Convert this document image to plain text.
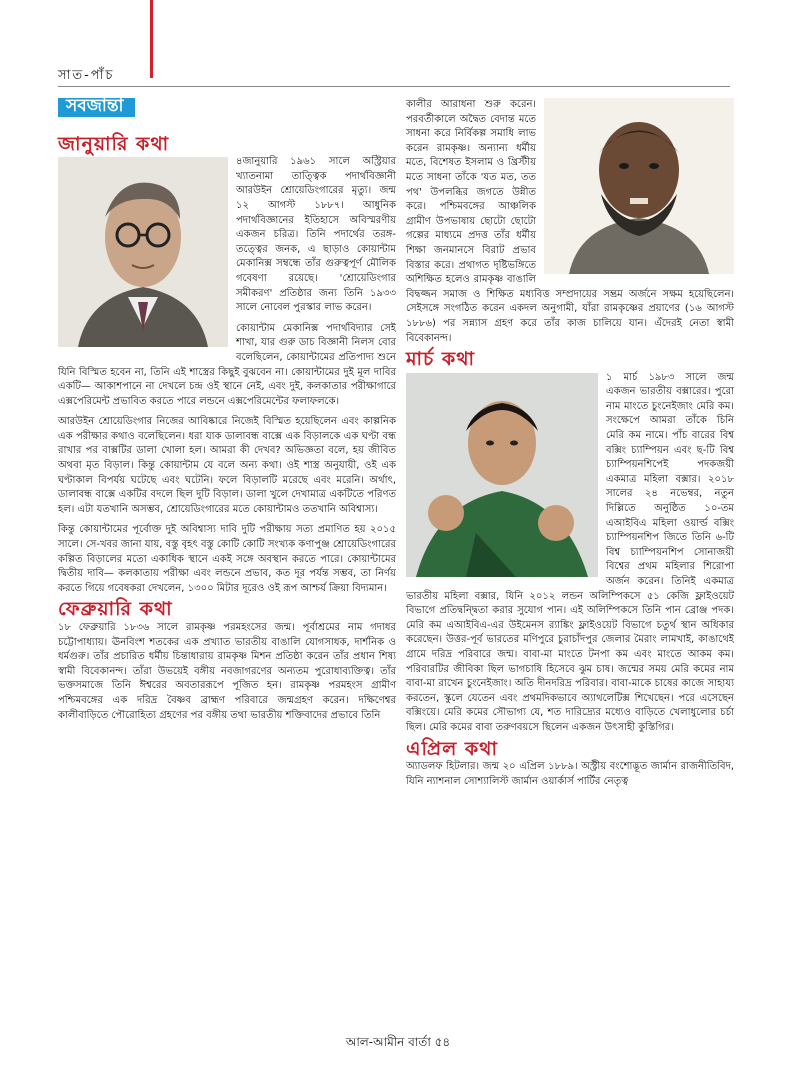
সাত-পাঁচ
সবজান্তা
জানুয়ারি কথা

৪জানুয়ারি ১৯৬১ সালে অস্ট্রিয়ার খ্যাতনামা তাত্ত্বিক পদার্থবিজ্ঞানী আরউইন শ্রোয়েডিংগারের মৃত্যু। জন্ম ১২ আগস্ট ১৮৮৭। আধুনিক পদার্থবিজ্ঞানের ইতিহাসে অবিস্মরণীয় একজন চরিত্র। তিনি পদার্থের তরঙ্গ-তত্ত্বের জনক, এ ছাড়াও কোয়ান্টাম মেকানিক্স সম্বন্ধে তাঁর গুরুত্বপূর্ণ মৌলিক গবেষণা রয়েছে। 'শ্রোয়েডিংগার সমীকরণ' প্রতিষ্ঠার জন্য তিনি ১৯৩৩ সালে নোবেল পুরস্কার লাভ করেন।

কোয়ান্টাম মেকানিক্স পদার্থবিদ্যার সেই শাখা, যার গুরু ডাচ বিজ্ঞানী নিলস বোর বলেছিলেন, কোয়ান্টামের প্রতিপাদ্য শুনে যিনি বিস্মিত হবেন না, তিনি এই শাস্ত্রের কিছুই বুঝবেন না। কোয়ান্টামের দুই মূল দাবির একটি— আকাশপানে না দেখলে চন্দ্র ওই স্থানে নেই, এবং দুই, কলকাতার পরীক্ষাগারে এক্সপেরিমেন্ট প্রভাবিত করতে পারে লন্ডনে এক্সপেরিমেন্টের ফলাফলকে।

আরউইন শ্রোয়েডিংগার নিজের আবিষ্কারে নিজেই বিস্মিত হয়েছিলেন এবং কাল্পনিক এক পরীক্ষার কথাও বলেছিলেন। ধরা যাক ডালাবন্ধ বাক্সে এক বিড়ালকে এক ঘণ্টা বন্ধ রাখার পর বাক্সটির ডালা খোলা হল। আমরা কী দেখব? অভিজ্ঞতা বলে, হয় জীবিত অথবা মৃত বিড়াল। কিন্তু কোয়ান্টাম যে বলে অন্য কথা। ওই শাস্ত্র অনুযায়ী, ওই এক ঘণ্টাকাল বিপর্যয় ঘটেছে এবং ঘটেনি। ফলে বিড়ালটি মরেছে এবং মরেনি। অর্থাৎ, ডালাবন্ধ বাক্সে একটির বদলে ছিল দুটি বিড়াল। ডালা খুলে দেখামাত্র একটিতে পরিণত হল। এটা যতখানি অসম্ভব, শ্রোয়েডিংগারের মতে কোয়ান্টামও ততখানি অবিশ্বাস্য।

কিন্তু কোয়ান্টামের পূর্বোক্ত দুই অবিশ্বাস্য দাবি দুটি পরীক্ষায় সত্য প্রমাণিত হয় ২০১৫ সালে। সে-খবর জানা যায়, বস্তু বৃহৎ বস্তু কোটি কোটি সংখ্যক কণাপুঞ্জ শ্রোয়েডিংগারের কল্পিত বিড়ালের মতো একাধিক স্থানে একই সঙ্গে অবস্থান করতে পারে। কোয়ান্টামের দ্বিতীয় দাবি— কলকাতায় পরীক্ষা এবং লন্ডনে প্রভাব, কত দূর পর্যন্ত সম্ভব, তা নির্ণয় করতে গিয়ে গবেষকরা দেখলেন, ১৩০০ মিটার দূরেও ওই রূপ আশ্চর্য ক্রিয়া বিদ্যমান।

ফেব্রুয়ারি কথা

১৮ ফেব্রুয়ারি ১৮৩৬ সালে রামকৃষ্ণ পরমহংসের জন্ম। পূর্বাশ্রমের নাম গদাধর চট্টোপাধ্যায়। ঊনবিংশ শতকের এক প্রখ্যাত ভারতীয় বাঙালি যোগসাধক, দার্শনিক ও ধর্মগুরু। তাঁর প্রচারিত ধর্মীয় চিন্তাধারায় রামকৃষ্ণ মিশন প্রতিষ্ঠা করেন তাঁর প্রধান শিষ্য স্বামী বিবেকানন্দ। তাঁরা উভয়েই বঙ্গীয় নবজাগরণের অন্যতম পুরোধাব্যক্তিত্ব। তাঁর ভক্তসমাজে তিনি ঈশ্বরের অবতাররূপে পূজিত হন। রামকৃষ্ণ পরমহংস গ্রামীণ পশ্চিমবঙ্গের এক দরিদ্র বৈষ্ণব ব্রাহ্মণ পরিবারে জন্মগ্রহণ করেন। দক্ষিণেশ্বর কালীবাড়িতে পৌরোহিত্য গ্রহণের পর বঙ্গীয় তথা ভারতীয় শক্তিবাদের প্রভাবে তিনি

কালীর আরাধনা শুরু করেন। পরবর্তীকালে অদ্বৈত বেদান্ত মতে সাধনা করে নির্বিকল্প সমাধি লাভ করেন রামকৃষ্ণ। অন্যান্য ধর্মীয় মতে, বিশেষত ইসলাম ও খ্রিস্টীয় মতে সাধনা তাঁকে 'যত মত, তত পথ' উপলব্ধির জগতে উন্নীত করে। পশ্চিমবঙ্গের আঞ্চলিক গ্রামীণ উপভাষায় ছোটো ছোটো গল্পের মাধ্যমে প্রদত্ত তাঁর ধর্মীয় শিক্ষা জনমানসে বিরাট প্রভাব বিস্তার করে। প্রথাগত দৃষ্টিভঙ্গিতে অশিক্ষিত হলেও রামকৃষ্ণ বাঙালি বিদ্বজ্জন সমাজ ও শিক্ষিত মধ্যবিত্ত সম্প্রদায়ের সম্ভ্রম অর্জনে সক্ষম হয়েছিলেন। সেইসঙ্গে সংগঠিত করেন একদল অনুগামী, যাঁরা রামকৃষ্ণের প্রয়াণের (১৬ আগস্ট ১৮৮৬) পর সন্ন্যাস গ্রহণ করে তাঁর কাজ চালিয়ে যান। এঁদেরই নেতা স্বামী বিবেকানন্দ।

মার্চ কথা

১ মার্চ ১৯৮৩ সালে জন্ম একজন ভারতীয় বক্সারের। পুরো নাম মাংতে চুংনেইজাং মেরি কম। সংক্ষেপে আমরা তাঁকে চিনি মেরি কম নামে। পাঁচ বারের বিশ্ব বক্সিং চ্যাম্পিয়ন এবং ছ-টি বিশ্ব চ্যাম্পিয়নশিপেই পদকজয়ী একমাত্র মহিলা বক্সার। ২০১৮ সালের ২৪ নভেম্বর, নতুন দিল্লিতে অনুষ্ঠিত ১০-তম এআইবিএ মহিলা ওয়ার্ল্ড বক্সিং চ্যাম্পিয়নশিপ জিতে তিনি ৬-টি বিশ্ব চ্যাম্পিয়নশিপ সোনাজয়ী বিশ্বের প্রথম মহিলার শিরোপা অর্জন করেন। তিনিই একমাত্র ভারতীয় মহিলা বক্সার, যিনি ২০১২ লন্ডন অলিম্পিকসে ৫১ কেজি ফ্লাইওয়েট বিভাগে প্রতিদ্বন্দ্বিতা করার সুযোগ পান। এই অলিম্পিকসে তিনি পান ব্রোঞ্জ পদক। মেরি কম এআইবিএ-এর উইমেনস র‍্যাঙ্কিং ফ্লাইওয়েট বিভাগে চতুর্থ স্থান অধিকার করেছেন। উত্তর-পূর্ব ভারতের মণিপুরে চুরাচাঁদপুর জেলার মৈরাং লামখাই, কাঙাথেই গ্রামে দরিদ্র পরিবারে জন্ম। বাবা-মা মাংতে টনপা কম এবং মাংতে আকম কম। পরিবারটির জীবিকা ছিল ভাগচাষি হিসেবে ঝুম চাষ। জন্মের সময় মেরি কমের নাম বাবা-মা রাখেন চুংনেইজাং। অতি দীনদরিদ্র পরিবার। বাবা-মাকে চাষের কাজে সাহায্য করতেন, স্কুলে যেতেন এবং প্রথমদিকভাবে অ্যাথলেটিক্স শিখেছেন। পরে এসেছেন বক্সিংয়ে। মেরি কমের সৌভাগ্য যে, শত দারিদ্র্যের মধ্যেও বাড়িতে খেলাধুলোর চর্চা ছিল। মেরি কমের বাবা তরুণবয়সে ছিলেন একজন উৎসাহী কুস্তিগির।

এপ্রিল কথা

অ্যাডলফ হিটলার। জন্ম ২০ এপ্রিল ১৮৮৯। অস্ট্রীয় বংশোদ্ভূত জার্মান রাজনীতিবিদ, যিনি ন্যাশনাল সোশ্যালিস্ট জার্মান ওয়ার্কার্স পার্টির নেতৃত্ব

আল-আমীন বার্তা ৫৪
